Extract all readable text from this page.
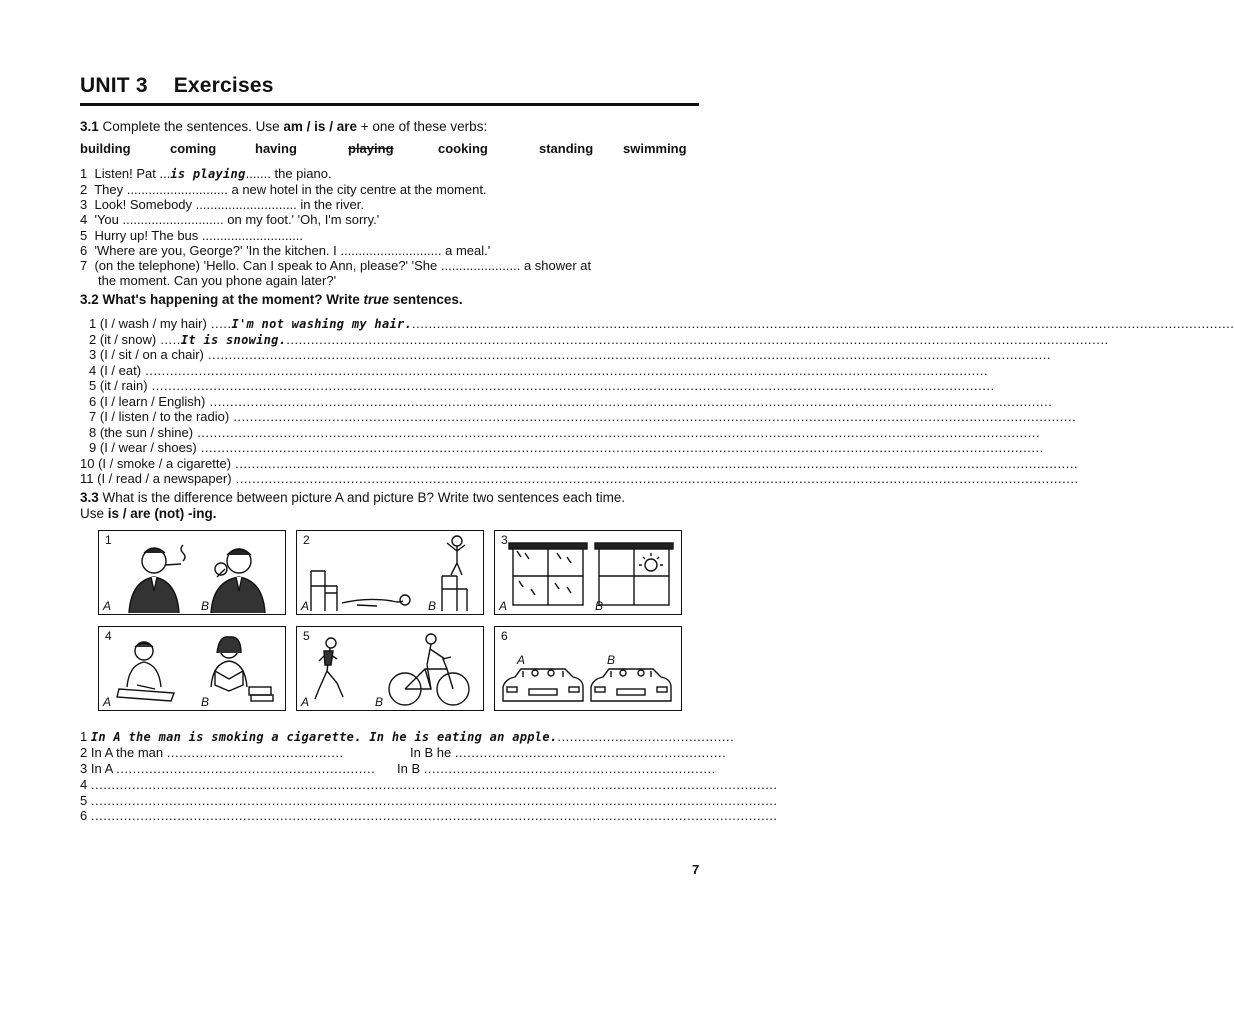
UNIT 3 Exercises
3.1 Complete the sentences. Use am / is / are + one of these verbs:
building	coming	having	playing	cooking	standing swimming
1 Listen! Pat ...is playing....... the piano.
2 They ............................ a new hotel in the city centre at the moment.
3 Look! Somebody ............................ in the river.
4 'You ............................ on my foot.' 'Oh, I'm sorry.'
5 Hurry up! The bus ............................
6 'Where are you, George?' 'In the kitchen. I ............................ a meal.'
7 (on the telephone) 'Hello. Can I speak to Ann, please?' 'She ...................... a shower at
the moment. Can you phone again later?'
3.2 What's happening at the moment? Write true sentences.
1 (I / wash / my hair) .....I'm not washing my hair.........................................................................................................................................................................................................
2 (it / snow) .....It is snowing.........................................................................................................................................................................................................
3 (I / sit / on a chair) .............................................................................................................................................................................................................
4 (I / eat) .............................................................................................................................................................................................................
5 (it / rain) .............................................................................................................................................................................................................
6 (I / learn / English) .............................................................................................................................................................................................................
7 (I / listen / to the radio) .............................................................................................................................................................................................................
8 (the sun / shine) .............................................................................................................................................................................................................
9 (I / wear / shoes) .............................................................................................................................................................................................................
10 (I / smoke / a cigarette) .............................................................................................................................................................................................................
11 (I / read / a newspaper) .............................................................................................................................................................................................................
3.3 What is the difference between picture A and picture B? Write two sentences each time.
Use is / are (not) -ing.
1
A	B
2
A	B
3
A	B
4
A	B
5
A	B
6
A	B
1 In A the man is smoking a cigarette. In he is eating an apple............................................
2 In A the man ...........................................	In B he ..................................................................
3 In A ............................................................... In B .......................................................................
4 .......................................................................................................................................................................
5 .......................................................................................................................................................................
6 .......................................................................................................................................................................
7
